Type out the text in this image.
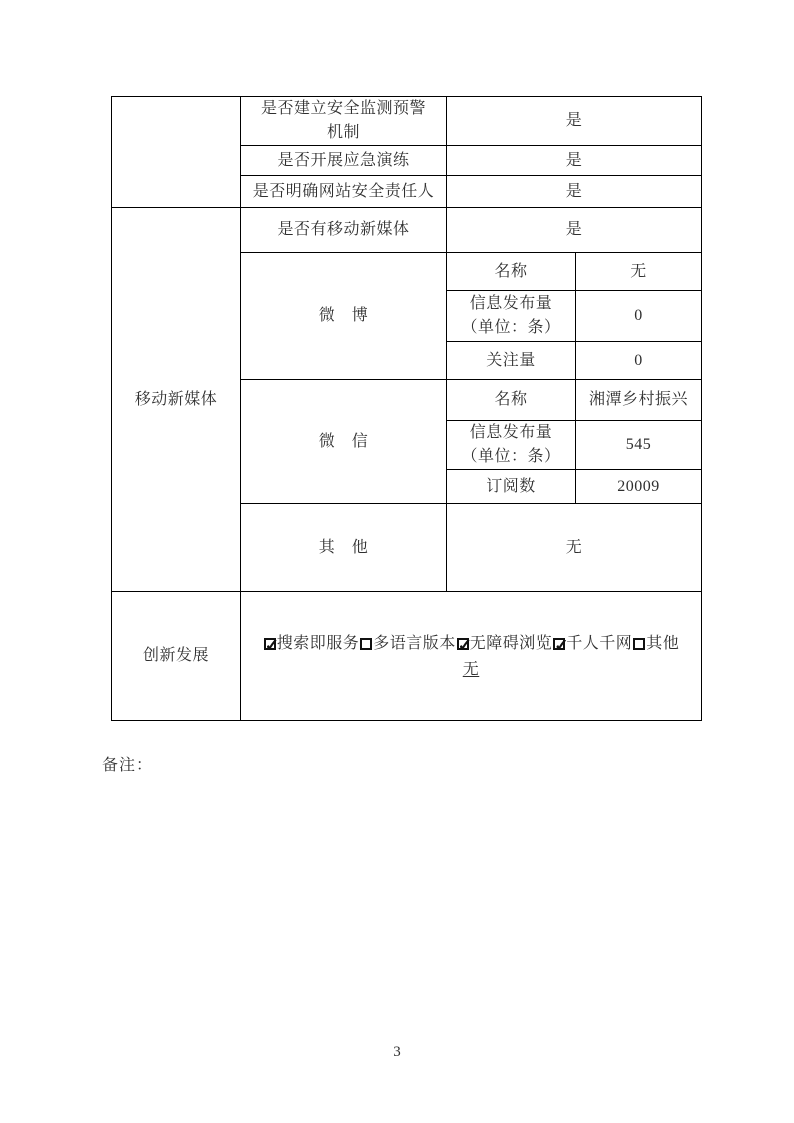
	是否建立安全监测预警
机制	是	
	是否开展应急演练	是	
	是否明确网站安全责任人	是	
移动新媒体	是否有移动新媒体	是	
	微　博	名称	无
		信息发布量
（单位：条）	0
		关注量	0
	微　信	名称	湘潭乡村振兴
		信息发布量
（单位：条）	545
		订阅数	20009
	其　他	无	
创新发展	
✓搜索即服务 多语言版本 ✓ 无障碍浏览 ✓ 千人千网 其他
无
备注：
3
